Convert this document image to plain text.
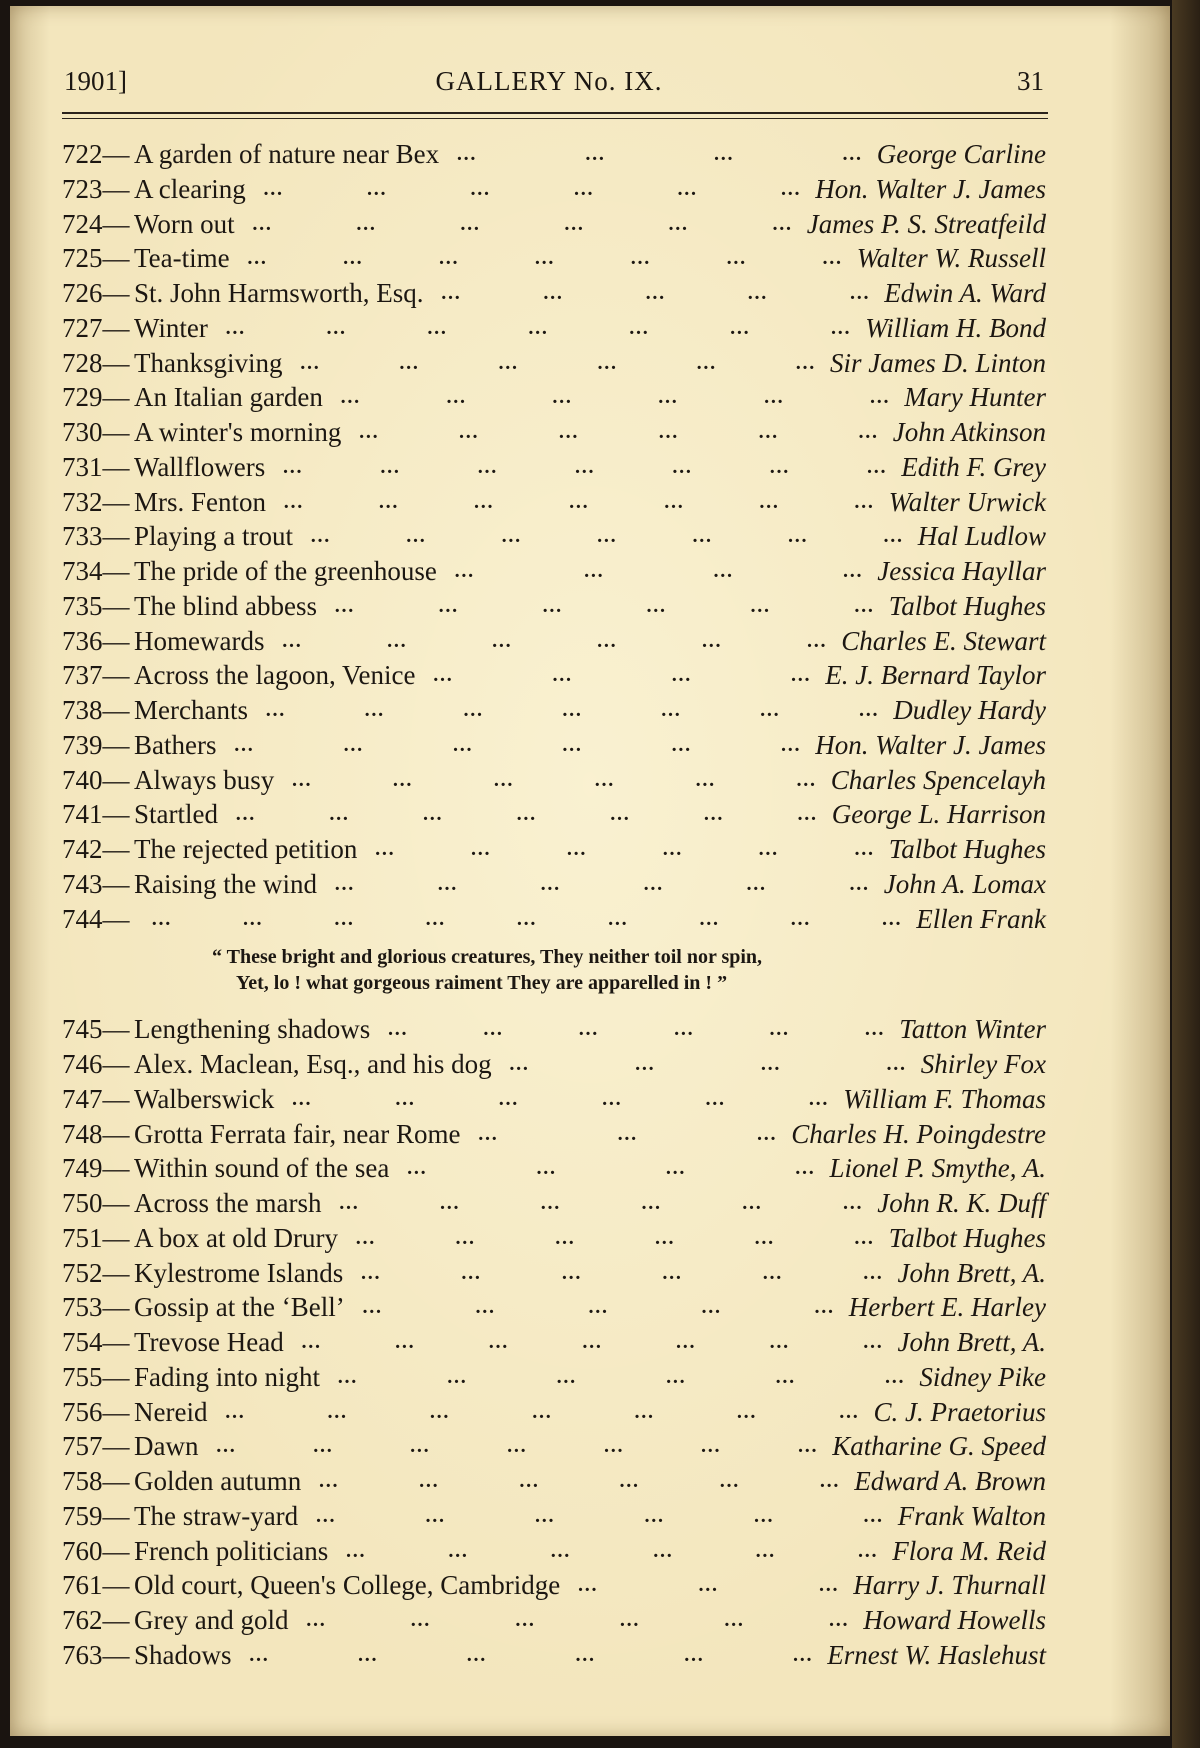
1901]	GALLERY No. IX.	31
…	…	…	…
722— A garden of nature near Bex	George Carline
…	…	…	…	…	…
723— A clearing	Hon. Walter J. James
…	…	…	…	…	…
724— Worn out	James P. S. Streatfeild
…	…	…	…	…	…	…
725— Tea-time	Walter W. Russell
…	…	…	…	…
726— St. John Harmsworth, Esq.	Edwin A. Ward
…	…	…	…	…	…	…
727— Winter	William H. Bond
…	…	…	…	…	…
728— Thanksgiving	Sir James D. Linton
…	…	…	…	…	…
729— An Italian garden	Mary Hunter
…	…	…	…	…	…
730— A winter's morning	John Atkinson
…	…	…	…	…	…	…
731— Wallflowers	Edith F. Grey
…	…	…	…	…	…	…
732— Mrs. Fenton	Walter Urwick
…	…	…	…	…	…	…
733— Playing a trout	Hal Ludlow
…	…	…	…
734— The pride of the greenhouse	Jessica Hayllar
…	…	…	…	…	…
735— The blind abbess	Talbot Hughes
…	…	…	…	…	…
736— Homewards	Charles E. Stewart
…	…	…	…
737— Across the lagoon, Venice	E. J. Bernard Taylor
…	…	…	…	…	…	…
738— Merchants	Dudley Hardy
…	…	…	…	…	…
739— Bathers	Hon. Walter J. James
…	…	…	…	…	…
740— Always busy	Charles Spencelayh
…	…	…	…	…	…	…
741— Startled	George L. Harrison
…	…	…	…	…	…
742— The rejected petition	Talbot Hughes
…	…	…	…	…	…
743— Raising the wind	John A. Lomax
…	…	…	…	…	…	…	…	…
744—	Ellen Frank
“ These bright and glorious creatures, They neither toil nor spin,
Yet, lo ! what gorgeous raiment They are apparelled in ! ”
…	…	…	…	…	…
745— Lengthening shadows	Tatton Winter
…	…	…	…
746— Alex. Maclean, Esq., and his dog	Shirley Fox
…	…	…	…	…	…
747— Walberswick	William F. Thomas
…	…	…
748— Grotta Ferrata fair, near Rome	Charles H. Poingdestre
…	…	…	…
749— Within sound of the sea	Lionel P. Smythe, A.
…	…	…	…	…	…
750— Across the marsh	John R. K. Duff
…	…	…	…	…	…
751— A box at old Drury	Talbot Hughes
…	…	…	…	…	…
752— Kylestrome Islands	John Brett, A.
…	…	…	…	…
753— Gossip at the ‘Bell’	Herbert E. Harley
…	…	…	…	…	…	…
754— Trevose Head	John Brett, A.
…	…	…	…	…	…
755— Fading into night	Sidney Pike
…	…	…	…	…	…	…
756— Nereid	C. J. Praetorius
…	…	…	…	…	…	…
757— Dawn	Katharine G. Speed
…	…	…	…	…	…
758— Golden autumn	Edward A. Brown
…	…	…	…	…	…
759— The straw-yard	Frank Walton
…	…	…	…	…	…
760— French politicians	Flora M. Reid
…	…	…
761— Old court, Queen's College, Cambridge	Harry J. Thurnall
…	…	…	…	…	…
762— Grey and gold	Howard Howells
…	…	…	…	…	…
763— Shadows	Ernest W. Haslehust
